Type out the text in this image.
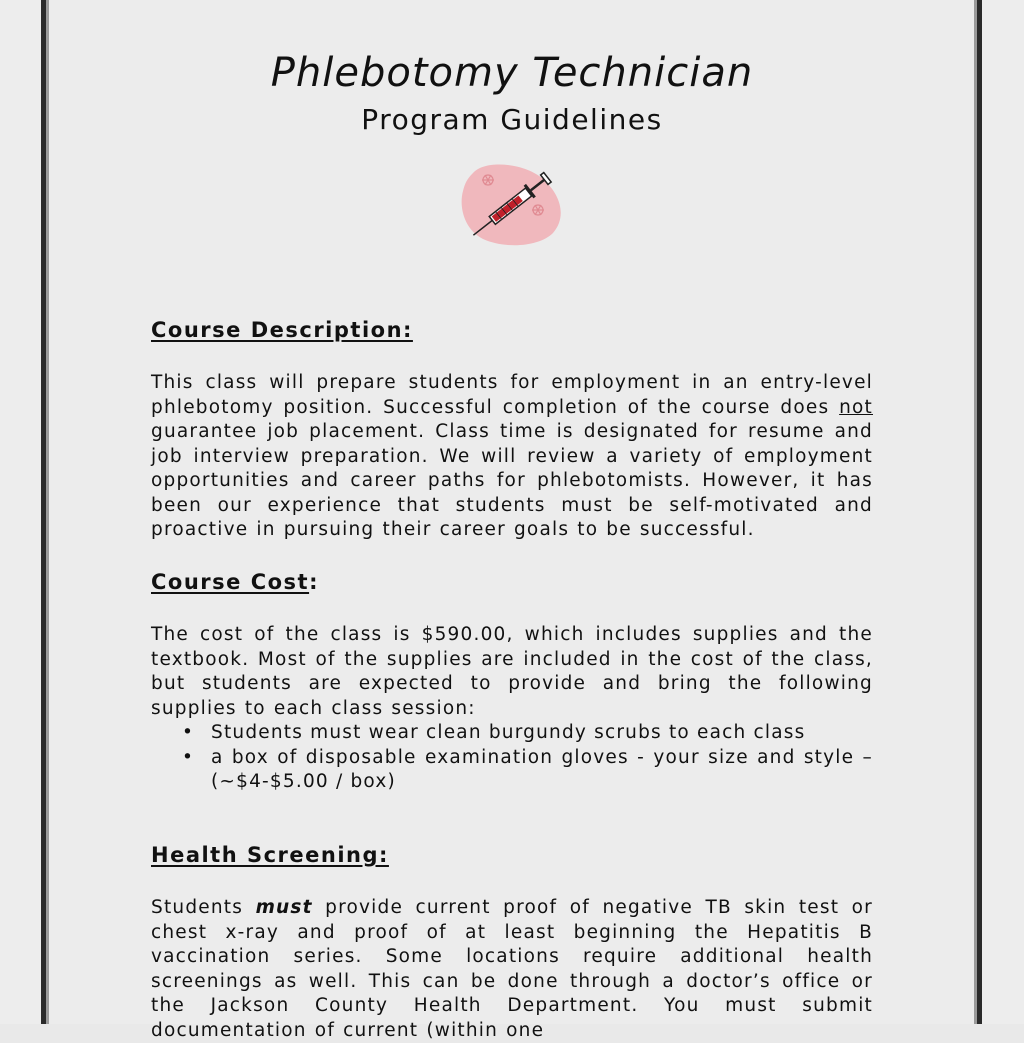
Phlebotomy Technician
Program Guidelines
Course Description:

This class will prepare students for employment in an entry-level phlebotomy position. Successful completion of the course does not guarantee job placement. Class time is designated for resume and job interview preparation. We will review a variety of employment opportunities and career paths for phlebotomists. However, it has been our experience that students must be self-motivated and proactive in pursuing their career goals to be successful.

Course Cost:

The cost of the class is $590.00, which includes supplies and the textbook. Most of the supplies are included in the cost of the class, but students are expected to provide and bring the following supplies to each class session:

• Students must wear clean burgundy scrubs to each class
• a box of disposable examination gloves - your size and style – (~$4-$5.00 / box)
Health Screening:

Students must provide current proof of negative TB skin test or chest x-ray and proof of at least beginning the Hepatitis B vaccination series. Some locations require additional health screenings as well. This can be done through a doctor’s office or the Jackson County Health Department. You must submit documentation of current (within one
